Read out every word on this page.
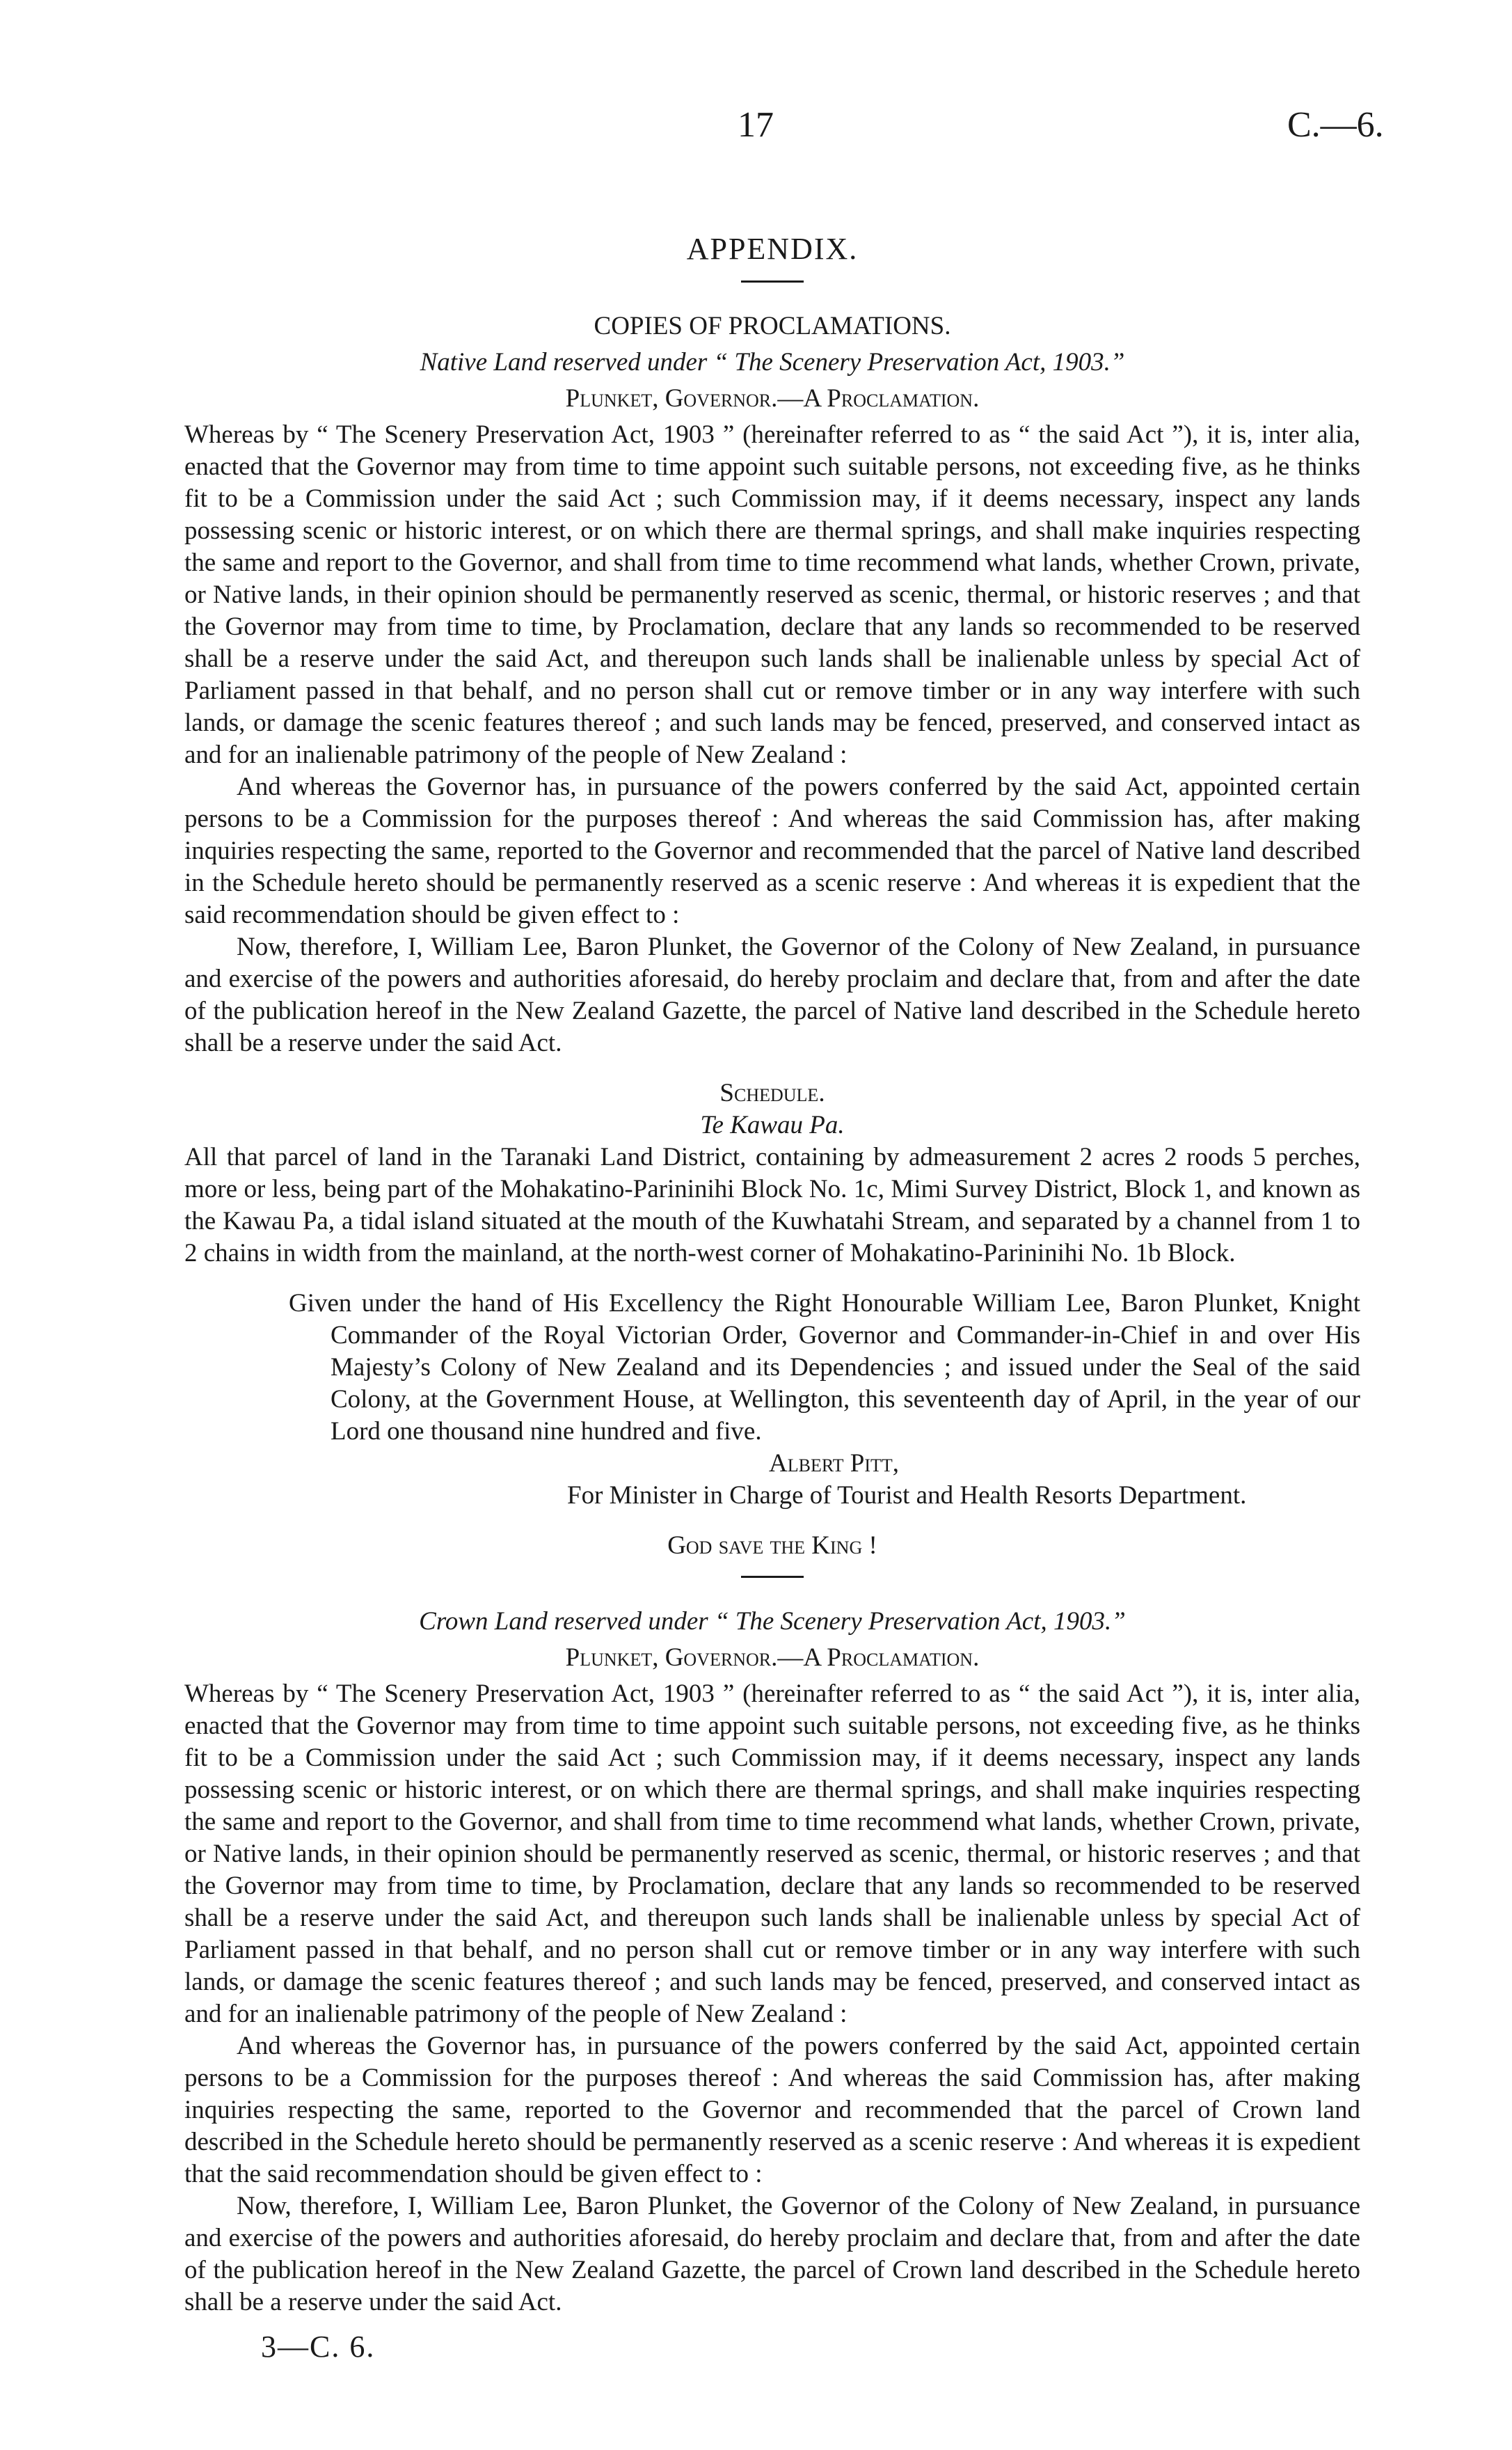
17	C.—6.
APPENDIX.
COPIES OF PROCLAMATIONS.
Native Land reserved under “ The Scenery Preservation Act, 1903.”
Plunket, Governor.—A Proclamation.

Whereas by “ The Scenery Preservation Act, 1903 ” (hereinafter referred to as “ the said Act ”), it is, inter alia, enacted that the Governor may from time to time appoint such suitable persons, not exceeding five, as he thinks fit to be a Commission under the said Act ; such Commission may, if it deems necessary, inspect any lands possessing scenic or historic interest, or on which there are thermal springs, and shall make inquiries respecting the same and report to the Governor, and shall from time to time recommend what lands, whether Crown, private, or Native lands, in their opinion should be permanently reserved as scenic, thermal, or historic reserves ; and that the Governor may from time to time, by Proclamation, declare that any lands so recommended to be reserved shall be a reserve under the said Act, and thereupon such lands shall be inalienable unless by special Act of Parliament passed in that behalf, and no person shall cut or remove timber or in any way interfere with such lands, or damage the scenic features thereof ; and such lands may be fenced, preserved, and conserved intact as and for an inalienable patrimony of the people of New Zealand :

And whereas the Governor has, in pursuance of the powers conferred by the said Act, appointed certain persons to be a Commission for the purposes thereof : And whereas the said Commission has, after making inquiries respecting the same, reported to the Governor and recommended that the parcel of Native land described in the Schedule hereto should be permanently reserved as a scenic reserve : And whereas it is expedient that the said recommendation should be given effect to :

Now, therefore, I, William Lee, Baron Plunket, the Governor of the Colony of New Zealand, in pursuance and exercise of the powers and authorities aforesaid, do hereby proclaim and declare that, from and after the date of the publication hereof in the New Zealand Gazette, the parcel of Native land described in the Schedule hereto shall be a reserve under the said Act.

Schedule.
Te Kawau Pa.

All that parcel of land in the Taranaki Land District, containing by admeasurement 2 acres 2 roods 5 perches, more or less, being part of the Mohakatino-Parininihi Block No. 1c, Mimi Survey District, Block 1, and known as the Kawau Pa, a tidal island situated at the mouth of the Kuwhatahi Stream, and separated by a channel from 1 to 2 chains in width from the mainland, at the north-west corner of Mohakatino-Parininihi No. 1b Block.

Given under the hand of His Excellency the Right Honourable William Lee, Baron Plunket, Knight Commander of the Royal Victorian Order, Governor and Commander-in-Chief in and over His Majesty’s Colony of New Zealand and its Dependencies ; and issued under the Seal of the said Colony, at the Government House, at Wellington, this seventeenth day of April, in the year of our Lord one thousand nine hundred and five.
Albert Pitt,
For Minister in Charge of Tourist and Health Resorts Department.
God save the King !
Crown Land reserved under “ The Scenery Preservation Act, 1903.”
Plunket, Governor.—A Proclamation.

Whereas by “ The Scenery Preservation Act, 1903 ” (hereinafter referred to as “ the said Act ”), it is, inter alia, enacted that the Governor may from time to time appoint such suitable persons, not exceeding five, as he thinks fit to be a Commission under the said Act ; such Commission may, if it deems necessary, inspect any lands possessing scenic or historic interest, or on which there are thermal springs, and shall make inquiries respecting the same and report to the Governor, and shall from time to time recommend what lands, whether Crown, private, or Native lands, in their opinion should be permanently reserved as scenic, thermal, or historic reserves ; and that the Governor may from time to time, by Proclamation, declare that any lands so recommended to be reserved shall be a reserve under the said Act, and thereupon such lands shall be inalienable unless by special Act of Parliament passed in that behalf, and no person shall cut or remove timber or in any way interfere with such lands, or damage the scenic features thereof ; and such lands may be fenced, preserved, and conserved intact as and for an inalienable patrimony of the people of New Zealand :

And whereas the Governor has, in pursuance of the powers conferred by the said Act, appointed certain persons to be a Commission for the purposes thereof : And whereas the said Commission has, after making inquiries respecting the same, reported to the Governor and recommended that the parcel of Crown land described in the Schedule hereto should be permanently reserved as a scenic reserve : And whereas it is expedient that the said recommendation should be given effect to :

Now, therefore, I, William Lee, Baron Plunket, the Governor of the Colony of New Zealand, in pursuance and exercise of the powers and authorities aforesaid, do hereby proclaim and declare that, from and after the date of the publication hereof in the New Zealand Gazette, the parcel of Crown land described in the Schedule hereto shall be a reserve under the said Act.

3—C. 6.
